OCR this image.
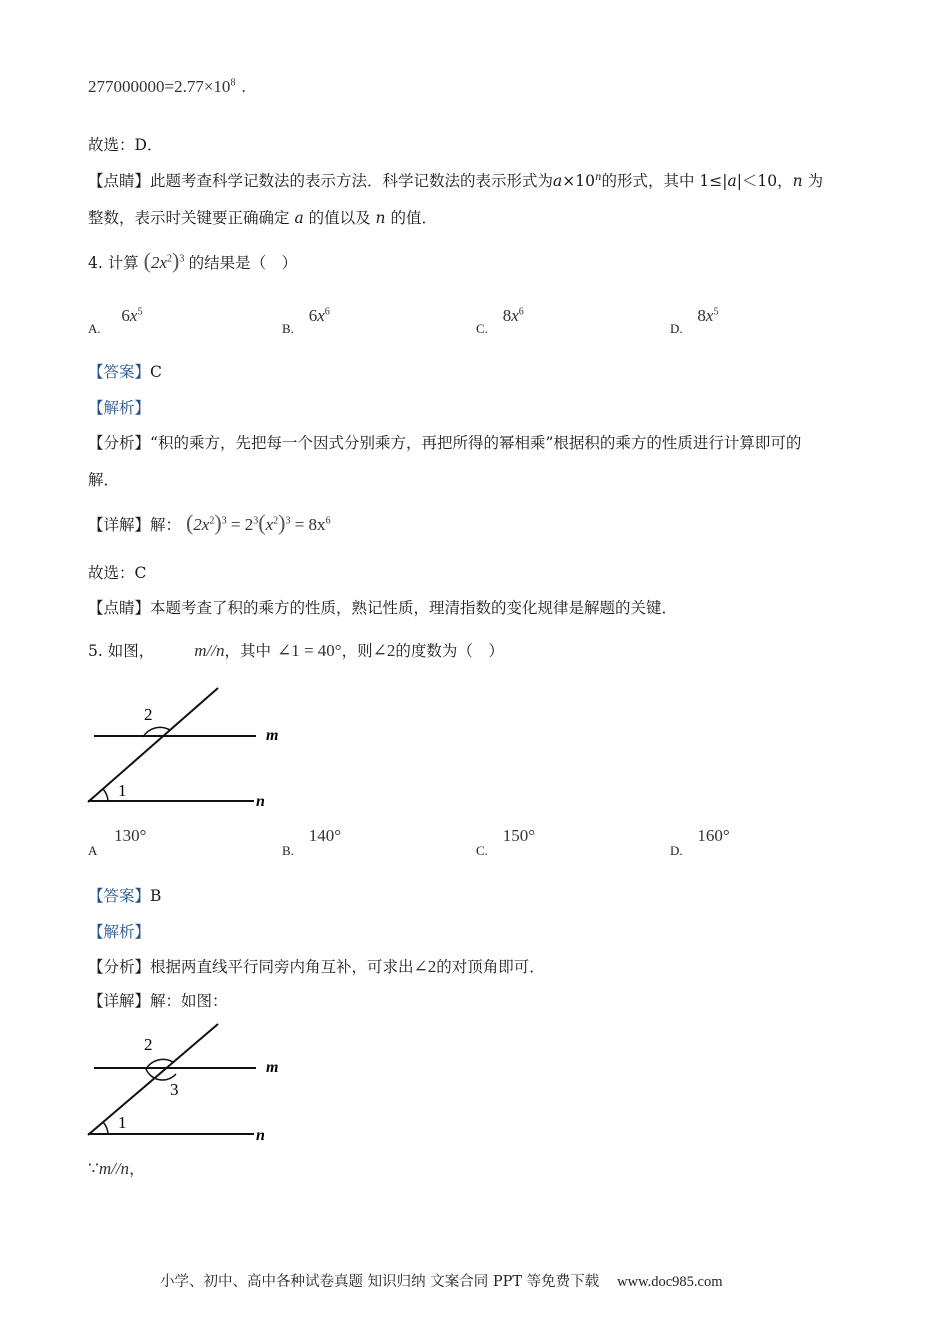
$277000000=2.77\times 10^8$ .
故选：D．
【点睛】此题考查科学记数法的表示方法．科学记数法的表示形式为$a\times 10^n$的形式，其中 1≤|a|＜10，n 为
整数，表示时关键要正确确定 a 的值以及 n 的值．
4. 计算 $(2x^2)^3$ 的结果是（　）
A. $6x^5$
B. $6x^6$
C. $8x^6$
D. $8x^5$
【答案】C
【解析】
【分析】“积的乘方，先把每一个因式分别乘方，再把所得的幂相乘”根据积的乘方的性质进行计算即可的
解．
【详解】解： $(2x^2)^3 = 2^3(x^2)^3 = 8x^6$
故选：C
【点睛】本题考查了积的乘方的性质，熟记性质，理清指数的变化规律是解题的关键．
5. 如图， m//n，其中 ∠1 = 40°，则∠2的度数为（　）
2
1
m
n
A 130°
B. 140°
C. 150°
D. 160°
【答案】B
【解析】
【分析】根据两直线平行同旁内角互补，可求出∠2的对顶角即可．
【详解】解：如图：
2
3
1
m
n
∵m//n，
小学、初中、高中各种试卷真题 知识归纳 文案合同 PPT 等免费下载 www.doc985.com
